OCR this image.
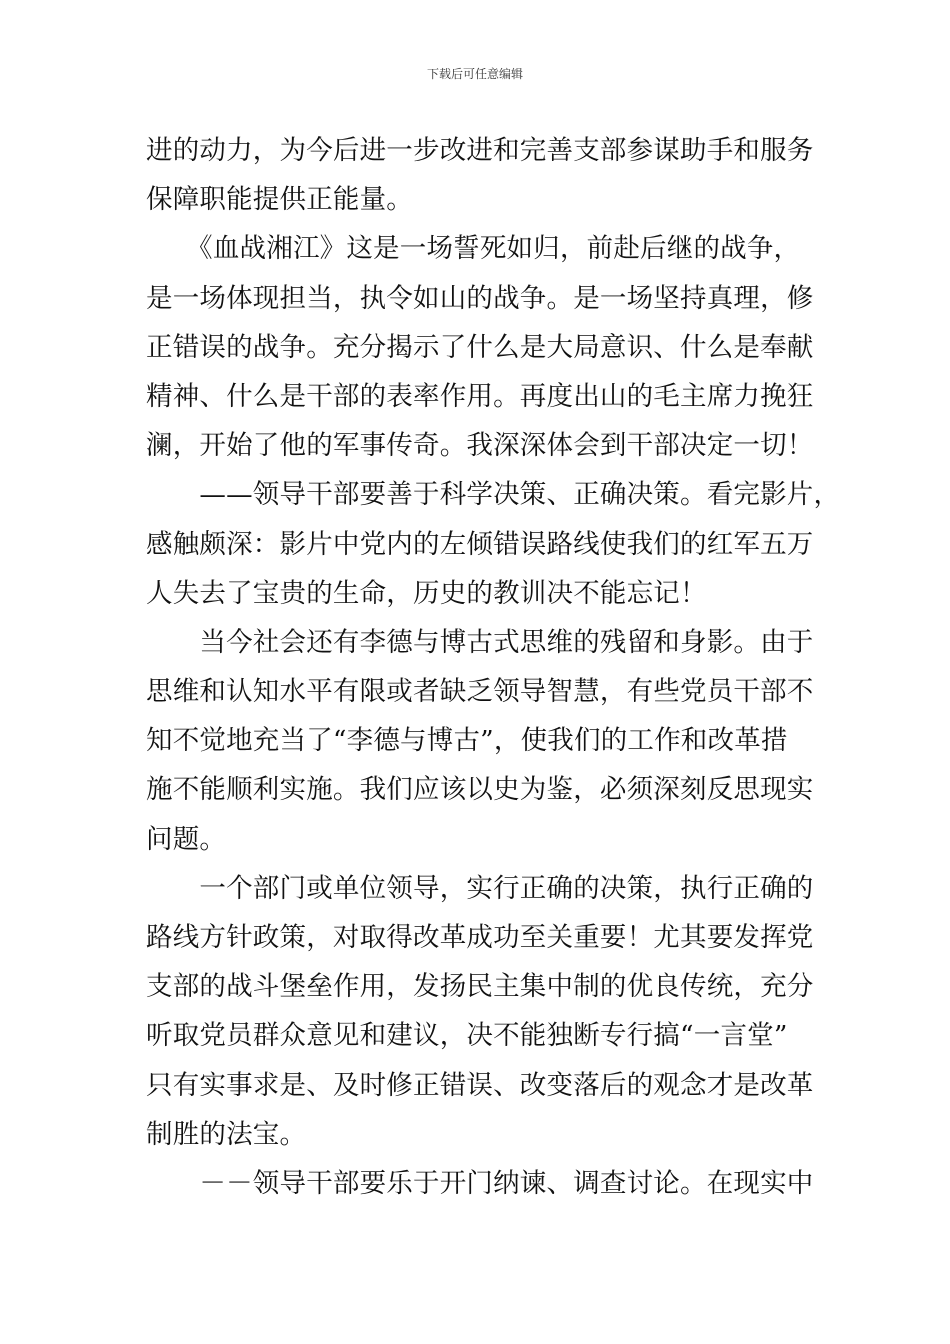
下载后可任意编辑
进的动力，为今后进一步改进和完善支部参谋助手和服务
保障职能提供正能量。
　　《血战湘江》这是一场誓死如归，前赴后继的战争，
是一场体现担当，执令如山的战争。是一场坚持真理，修
正错误的战争。充分揭示了什么是大局意识、什么是奉献
精神、什么是干部的表率作用。再度出山的毛主席力挽狂
澜，开始了他的军事传奇。我深深体会到干部决定一切！
　　——领导干部要善于科学决策、正确决策。看完影片，
感触颇深：影片中党内的左倾错误路线使我们的红军五万
人失去了宝贵的生命，历史的教训决不能忘记！
　　当今社会还有李德与博古式思维的残留和身影。由于
思维和认知水平有限或者缺乏领导智慧，有些党员干部不
知不觉地充当了“李德与博古”，使我们的工作和改革措
施不能顺利实施。我们应该以史为鉴，必须深刻反思现实
问题。
　　一个部门或单位领导，实行正确的决策，执行正确的
路线方针政策，对取得改革成功至关重要！尤其要发挥党
支部的战斗堡垒作用，发扬民主集中制的优良传统，充分
听取党员群众意见和建议，决不能独断专行搞“一言堂”
只有实事求是、及时修正错误、改变落后的观念才是改革
制胜的法宝。
　　－－领导干部要乐于开门纳谏、调查讨论。在现实中
